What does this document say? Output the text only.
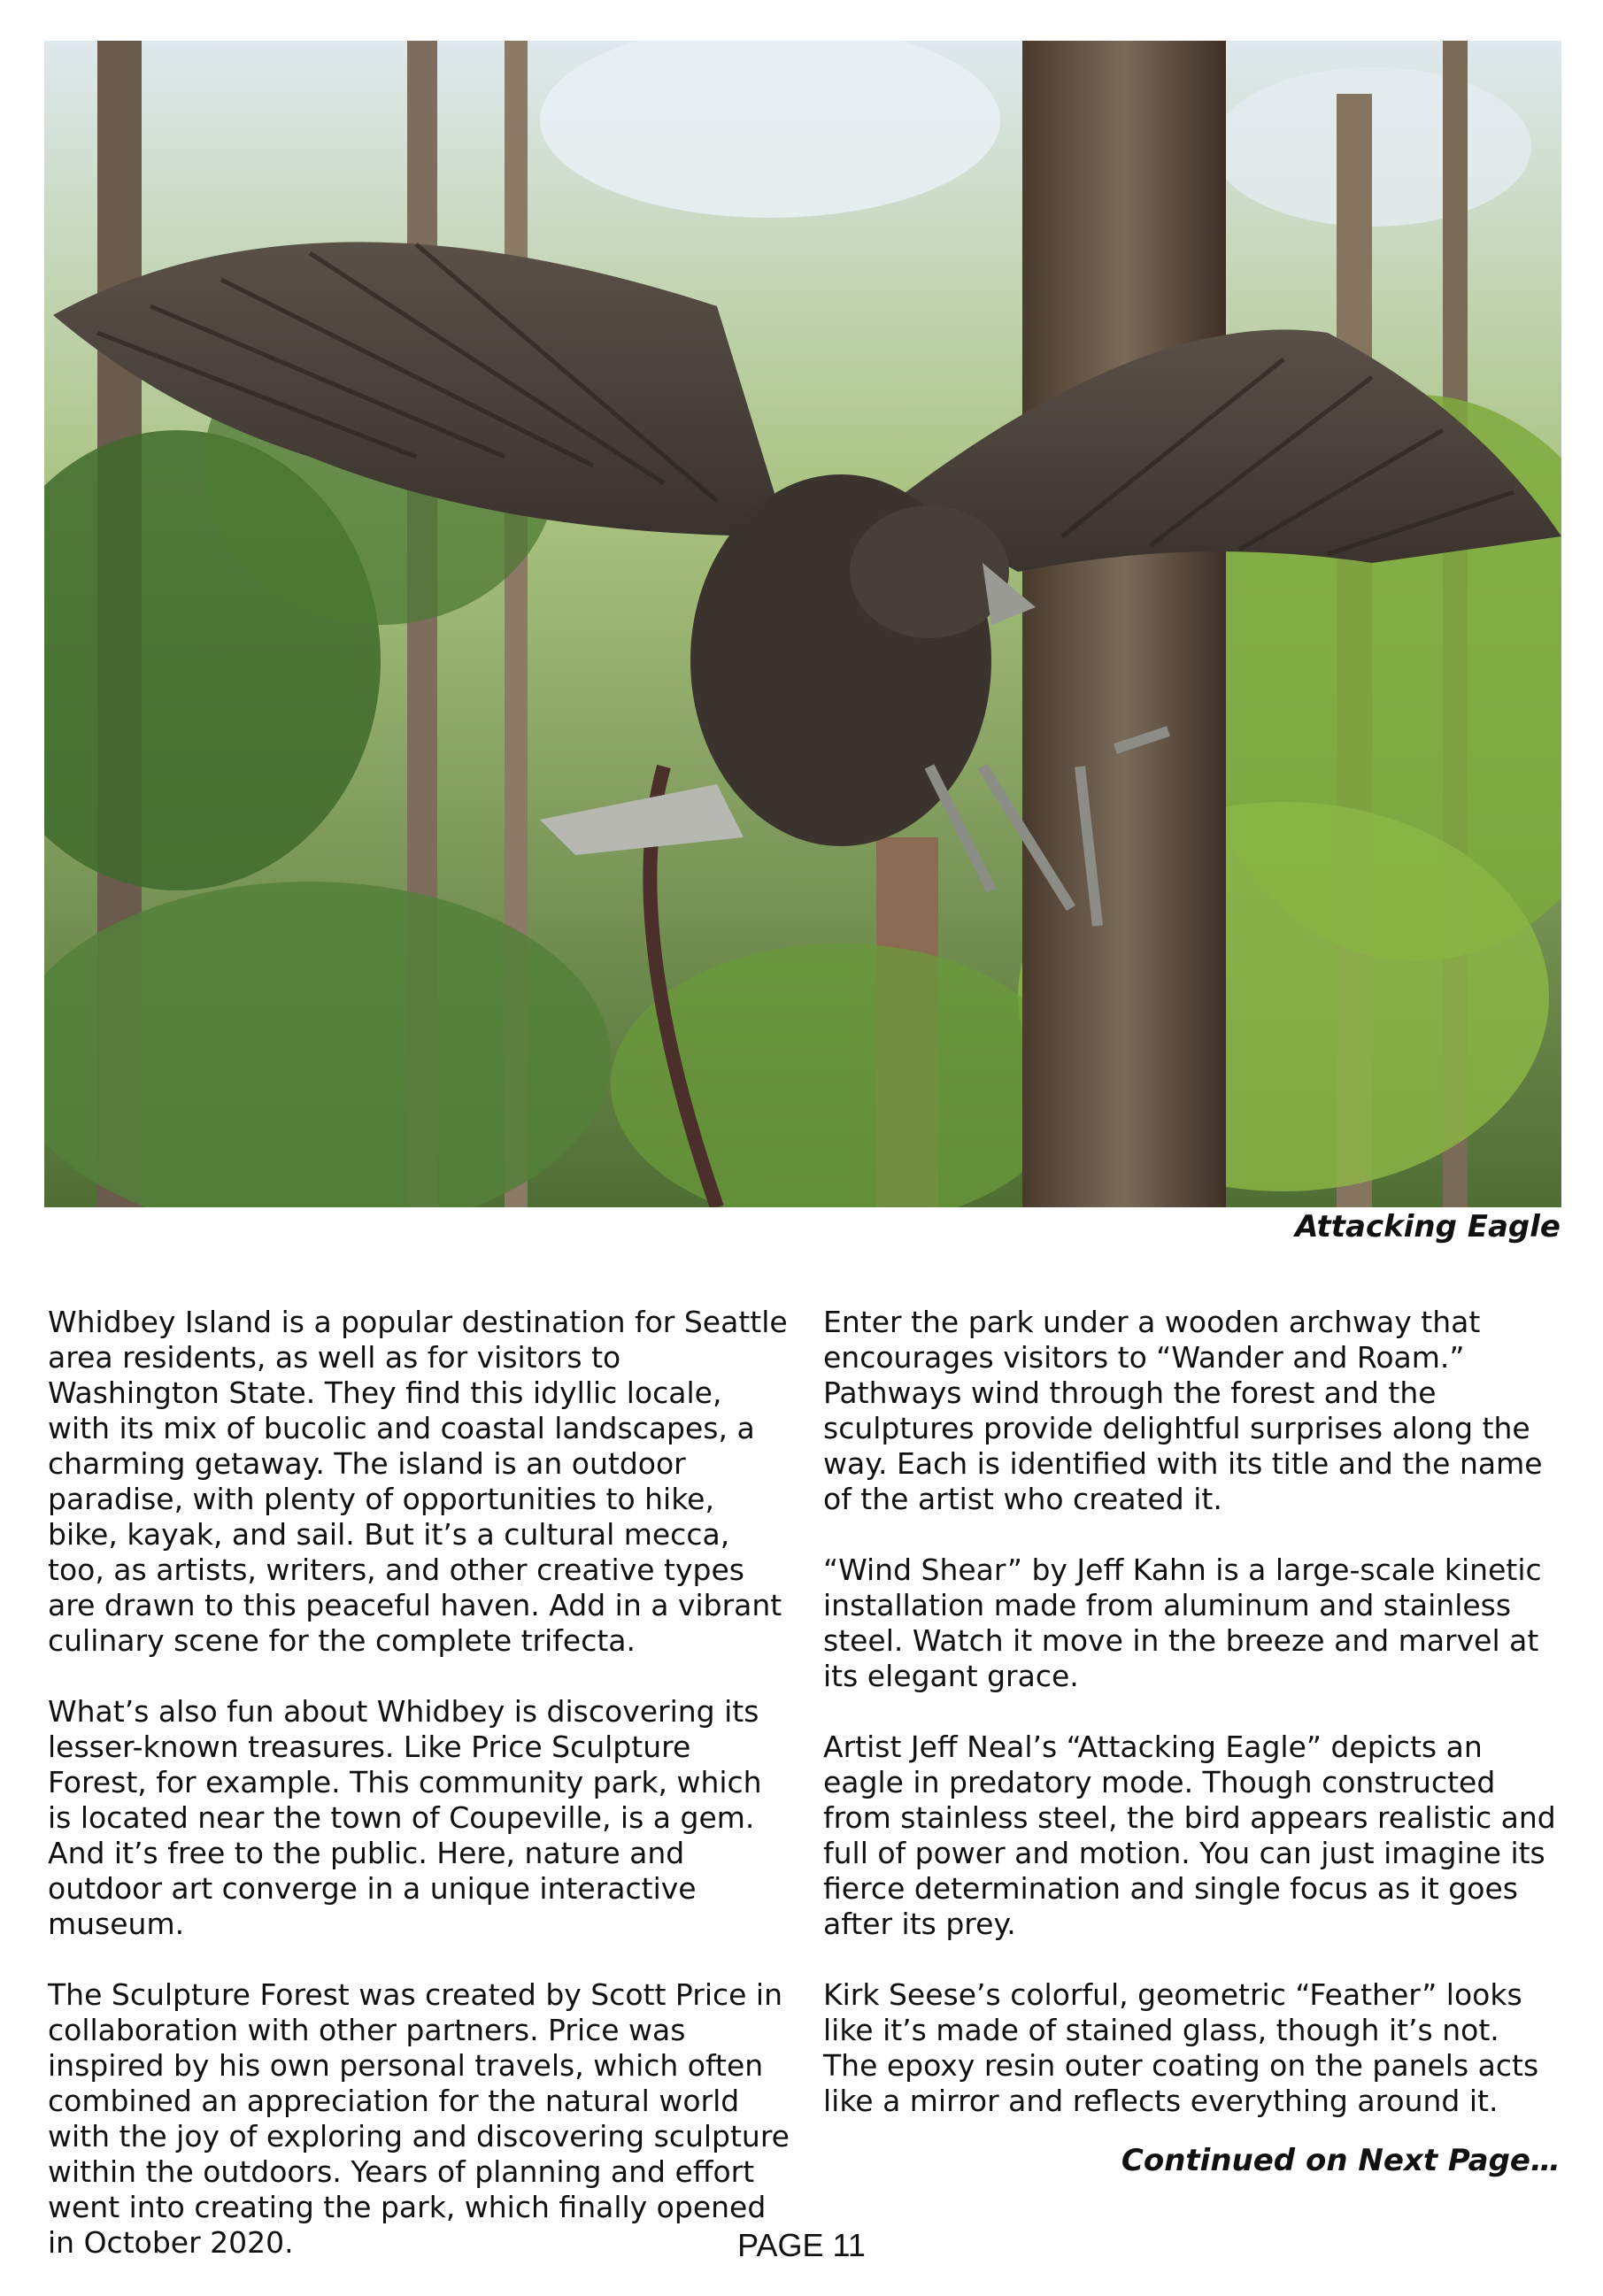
Attacking Eagle

Whidbey Island is a popular destination for Seattle area residents, as well as for visitors to Washington State. They find this idyllic locale, with its mix of bucolic and coastal landscapes, a charming getaway. The island is an outdoor paradise, with plenty of opportunities to hike, bike, kayak, and sail. But it’s a cultural mecca, too, as artists, writers, and other creative types are drawn to this peaceful haven. Add in a vibrant culinary scene for the complete trifecta.

What’s also fun about Whidbey is discovering its lesser-known treasures. Like Price Sculpture Forest, for example. This community park, which is located near the town of Coupeville, is a gem. And it’s free to the public. Here, nature and outdoor art converge in a unique interactive museum.

The Sculpture Forest was created by Scott Price in collaboration with other partners. Price was inspired by his own personal travels, which often combined an appreciation for the natural world with the joy of exploring and discovering sculpture within the outdoors. Years of planning and effort went into creating the park, which finally opened in October 2020.

Enter the park under a wooden archway that encourages visitors to “Wander and Roam.” Pathways wind through the forest and the sculptures provide delightful surprises along the way. Each is identified with its title and the name of the artist who created it.

“Wind Shear” by Jeff Kahn is a large-scale kinetic installation made from aluminum and stainless steel. Watch it move in the breeze and marvel at its elegant grace.

Artist Jeff Neal’s “Attacking Eagle” depicts an eagle in predatory mode. Though constructed from stainless steel, the bird appears realistic and full of power and motion. You can just imagine its fierce determination and single focus as it goes after its prey.

Kirk Seese’s colorful, geometric “Feather” looks like it’s made of stained glass, though it’s not. The epoxy resin outer coating on the panels acts like a mirror and reflects everything around it.

Continued on Next Page…
PAGE 11
